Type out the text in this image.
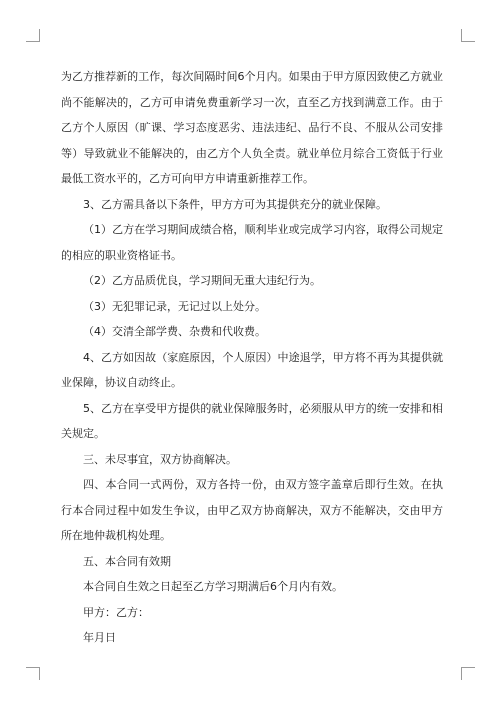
为乙方推荐新的工作，每次间隔时间6个月内。如果由于甲方原因致使乙方就业尚不能解决的，乙方可申请免费重新学习一次，直至乙方找到满意工作。由于乙方个人原因（旷课、学习态度恶劣、违法违纪、品行不良、不服从公司安排等）导致就业不能解决的，由乙方个人负全责。就业单位月综合工资低于行业最低工资水平的，乙方可向甲方申请重新推荐工作。

3、乙方需具备以下条件，甲方方可为其提供充分的就业保障。

（1）乙方在学习期间成绩合格，顺利毕业或完成学习内容，取得公司规定的相应的职业资格证书。

（2）乙方品质优良，学习期间无重大违纪行为。

（3）无犯罪记录，无记过以上处分。

（4）交清全部学费、杂费和代收费。

4、乙方如因故（家庭原因，个人原因）中途退学，甲方将不再为其提供就业保障，协议自动终止。

5、乙方在享受甲方提供的就业保障服务时，必须服从甲方的统一安排和相关规定。

三、未尽事宜，双方协商解决。

四、本合同一式两份，双方各持一份，由双方签字盖章后即行生效。在执行本合同过程中如发生争议，由甲乙双方协商解决，双方不能解决，交由甲方所在地仲裁机构处理。

五、本合同有效期

本合同自生效之日起至乙方学习期满后6个月内有效。

甲方：乙方：

年月日
